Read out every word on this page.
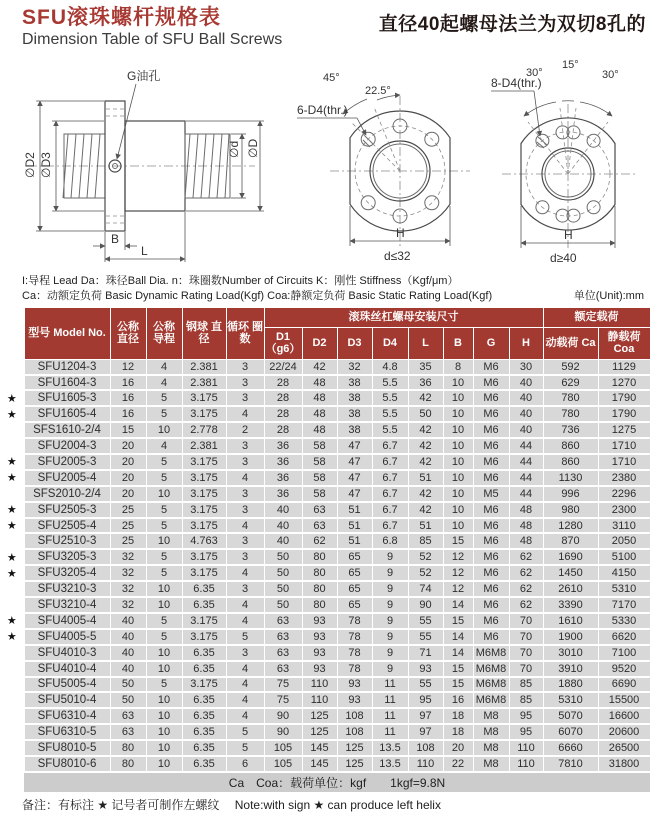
SFU滚珠螺杆规格表
Dimension Table of SFU Ball Screws
直径40起螺母法兰为双切8孔的
G油孔
∅D2 ∅D3
∅d ∅D
B
L
45°
22.5°
6-D4(thr.)
H
d≤32
30°
15°
30°
8-D4(thr.)
H
d≥40
I:导程 Lead Da：珠径Ball Dia. n：珠圈数Number of Circuits K：刚性 Stiffness（Kgf/μm）
Ca：动额定负荷 Basic Dynamic Rating Load(Kgf) Coa:静额定负荷 Basic Static Rating Load(Kgf)	单位(Unit):mm
	型号 Model No.	公称 直径	公称 导程	钢球 直径	循环 圈数	滚珠丝杠螺母安装尺寸								额定载荷	
						D1 （g6）	D2	D3	D4	L	B	G	H	动载荷 Ca	静载荷 Coa
	SFU1204-3	12	4	2.381	3	22/24	42	32	4.8	35	8	M6	30	592	1129
	SFU1604-3	16	4	2.381	3	28	48	38	5.5	36	10	M6	40	629	1270
★	SFU1605-3	16	5	3.175	3	28	48	38	5.5	42	10	M6	40	780	1790
★	SFU1605-4	16	5	3.175	4	28	48	38	5.5	50	10	M6	40	780	1790
	SFS1610-2/4	15	10	2.778	2	28	48	38	5.5	42	10	M6	40	736	1275
	SFU2004-3	20	4	2.381	3	36	58	47	6.7	42	10	M6	44	860	1710
★	SFU2005-3	20	5	3.175	3	36	58	47	6.7	42	10	M6	44	860	1710
★	SFU2005-4	20	5	3.175	4	36	58	47	6.7	51	10	M6	44	1130	2380
	SFS2010-2/4	20	10	3.175	3	36	58	47	6.7	42	10	M5	44	996	2296
★	SFU2505-3	25	5	3.175	3	40	63	51	6.7	42	10	M6	48	980	2300
★	SFU2505-4	25	5	3.175	4	40	63	51	6.7	51	10	M6	48	1280	3110
	SFU2510-3	25	10	4.763	3	40	62	51	6.8	85	15	M6	48	870	2050
★	SFU3205-3	32	5	3.175	3	50	80	65	9	52	12	M6	62	1690	5100
★	SFU3205-4	32	5	3.175	4	50	80	65	9	52	12	M6	62	1450	4150
	SFU3210-3	32	10	6.35	3	50	80	65	9	74	12	M6	62	2610	5310
	SFU3210-4	32	10	6.35	4	50	80	65	9	90	14	M6	62	3390	7170
★	SFU4005-4	40	5	3.175	4	63	93	78	9	55	15	M6	70	1610	5330
★	SFU4005-5	40	5	3.175	5	63	93	78	9	55	14	M6	70	1900	6620
	SFU4010-3	40	10	6.35	3	63	93	78	9	71	14	M6M8	70	3010	7100
	SFU4010-4	40	10	6.35	4	63	93	78	9	93	15	M6M8	70	3910	9520
	SFU5005-4	50	5	3.175	4	75	110	93	11	55	15	M6M8	85	1880	6690
	SFU5010-4	50	10	6.35	4	75	110	93	11	95	16	M6M8	85	5310	15500
	SFU6310-4	63	10	6.35	4	90	125	108	11	97	18	M8	95	5070	16600
	SFU6310-5	63	10	6.35	5	90	125	108	11	97	18	M8	95	6070	20600
	SFU8010-5	80	10	6.35	5	105	145	125	13.5	108	20	M8	110	6660	26500
	SFU8010-6	80	10	6.35	6	105	145	125	13.5	110	22	M8	110	7810	31800
	Ca　Coa：载荷单位：kgf　　1kgf=9.8N														
备注：有标注 ★ 记号者可制作左螺纹　 Note:with sign ★ can produce left helix
